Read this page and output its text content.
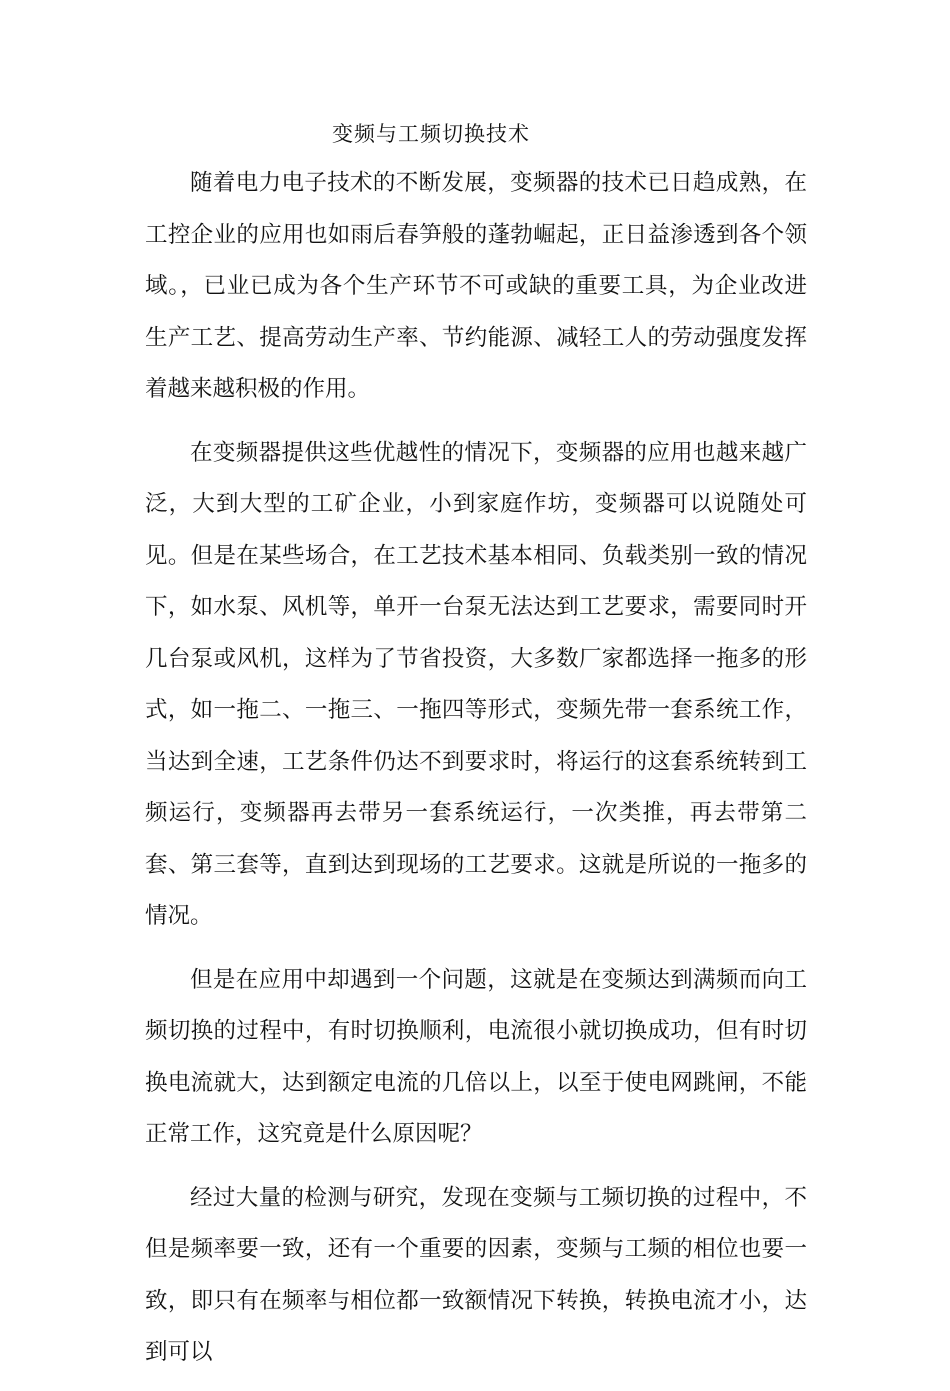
变频与工频切换技术

随着电力电子技术的不断发展，变频器的技术已日趋成熟，在工控企业的应用也如雨后春笋般的蓬勃崛起，正日益渗透到各个领域。，已业已成为各个生产环节不可或缺的重要工具，为企业改进生产工艺、提高劳动生产率、节约能源、减轻工人的劳动强度发挥着越来越积极的作用。

在变频器提供这些优越性的情况下，变频器的应用也越来越广泛，大到大型的工矿企业，小到家庭作坊，变频器可以说随处可见。但是在某些场合，在工艺技术基本相同、负载类别一致的情况下，如水泵、风机等，单开一台泵无法达到工艺要求，需要同时开几台泵或风机，这样为了节省投资，大多数厂家都选择一拖多的形式，如一拖二、一拖三、一拖四等形式，变频先带一套系统工作，当达到全速，工艺条件仍达不到要求时，将运行的这套系统转到工频运行，变频器再去带另一套系统运行，一次类推，再去带第二套、第三套等，直到达到现场的工艺要求。这就是所说的一拖多的情况。

但是在应用中却遇到一个问题，这就是在变频达到满频而向工频切换的过程中，有时切换顺利，电流很小就切换成功，但有时切换电流就大，达到额定电流的几倍以上，以至于使电网跳闸，不能正常工作，这究竟是什么原因呢？

经过大量的检测与研究，发现在变频与工频切换的过程中，不但是频率要一致，还有一个重要的因素，变频与工频的相位也要一致，即只有在频率与相位都一致额情况下转换，转换电流才小，达到可以
